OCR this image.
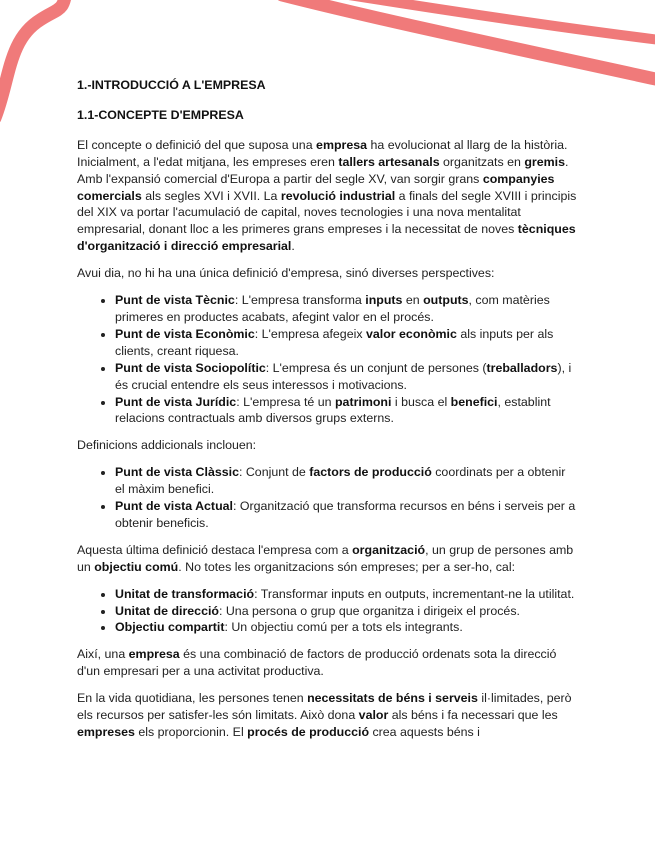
1.-INTRODUCCIÓ A L'EMPRESA
1.1-CONCEPTE D'EMPRESA

El concepte o definició del que suposa una empresa ha evolucionat al llarg de la història. Inicialment, a l'edat mitjana, les empreses eren tallers artesanals organitzats en gremis. Amb l'expansió comercial d'Europa a partir del segle XV, van sorgir grans companyies comercials als segles XVI i XVII. La revolució industrial a finals del segle XVIII i principis del XIX va portar l'acumulació de capital, noves tecnologies i una nova mentalitat empresarial, donant lloc a les primeres grans empreses i la necessitat de noves tècniques d'organització i direcció empresarial.

Avui dia, no hi ha una única definició d'empresa, sinó diverses perspectives:

• Punt de vista Tècnic: L'empresa transforma inputs en outputs, com matèries primeres en productes acabats, afegint valor en el procés.
• Punt de vista Econòmic: L'empresa afegeix valor econòmic als inputs per als clients, creant riquesa.
• Punt de vista Sociopolític: L'empresa és un conjunt de persones (treballadors), i és crucial entendre els seus interessos i motivacions.
• Punt de vista Jurídic: L'empresa té un patrimoni i busca el benefici, establint relacions contractuals amb diversos grups externs.

Definicions addicionals inclouen:

• Punt de vista Clàssic: Conjunt de factors de producció coordinats per a obtenir el màxim benefici.
• Punt de vista Actual: Organització que transforma recursos en béns i serveis per a obtenir beneficis.

Aquesta última definició destaca l'empresa com a organització, un grup de persones amb un objectiu comú. No totes les organitzacions són empreses; per a ser-ho, cal:

• Unitat de transformació: Transformar inputs en outputs, incrementant-ne la utilitat.
• Unitat de direcció: Una persona o grup que organitza i dirigeix el procés.
• Objectiu compartit: Un objectiu comú per a tots els integrants.

Així, una empresa és una combinació de factors de producció ordenats sota la direcció d'un empresari per a una activitat productiva.

En la vida quotidiana, les persones tenen necessitats de béns i serveis il·limitades, però els recursos per satisfer-les són limitats. Això dona valor als béns i fa necessari que les empreses els proporcionin. El procés de producció crea aquests béns i
